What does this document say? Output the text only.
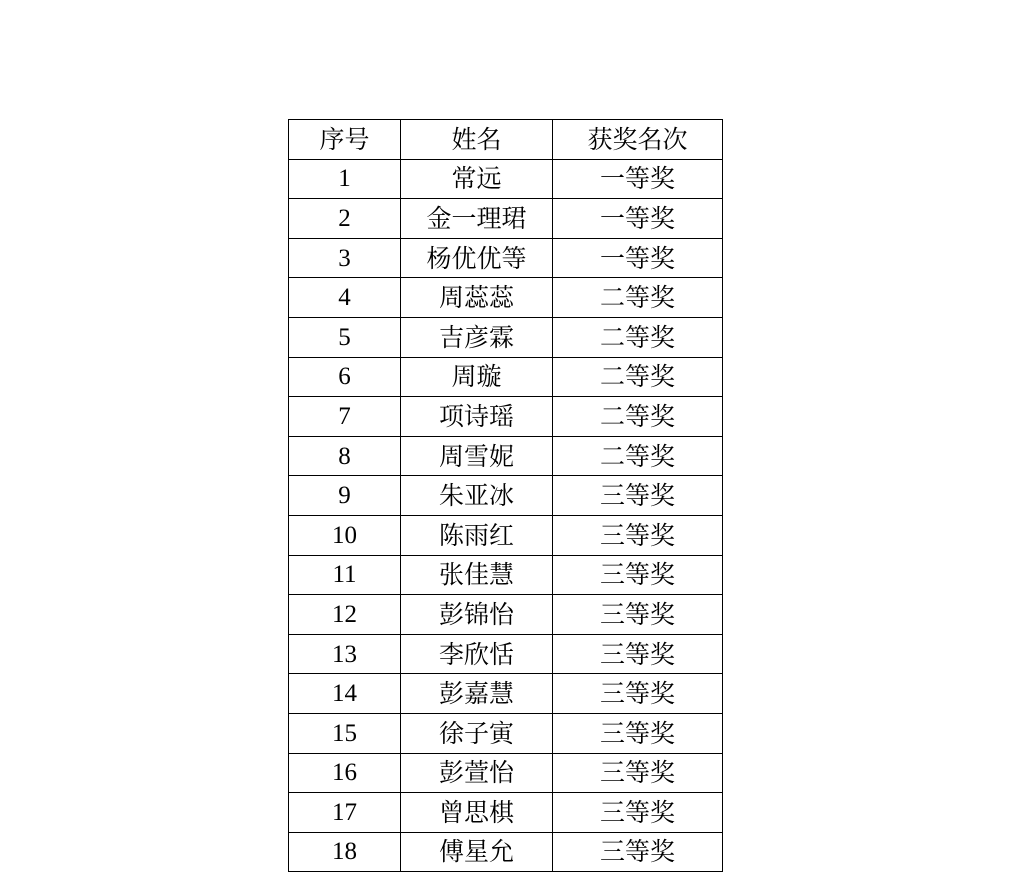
序号	姓名	获奖名次
1	常远	一等奖
2	金一理珺	一等奖
3	杨优优等	一等奖
4	周蕊蕊	二等奖
5	吉彦霖	二等奖
6	周璇	二等奖
7	项诗瑶	二等奖
8	周雪妮	二等奖
9	朱亚冰	三等奖
10	陈雨红	三等奖
11	张佳慧	三等奖
12	彭锦怡	三等奖
13	李欣恬	三等奖
14	彭嘉慧	三等奖
15	徐子寅	三等奖
16	彭萱怡	三等奖
17	曾思棋	三等奖
18	傅星允	三等奖
